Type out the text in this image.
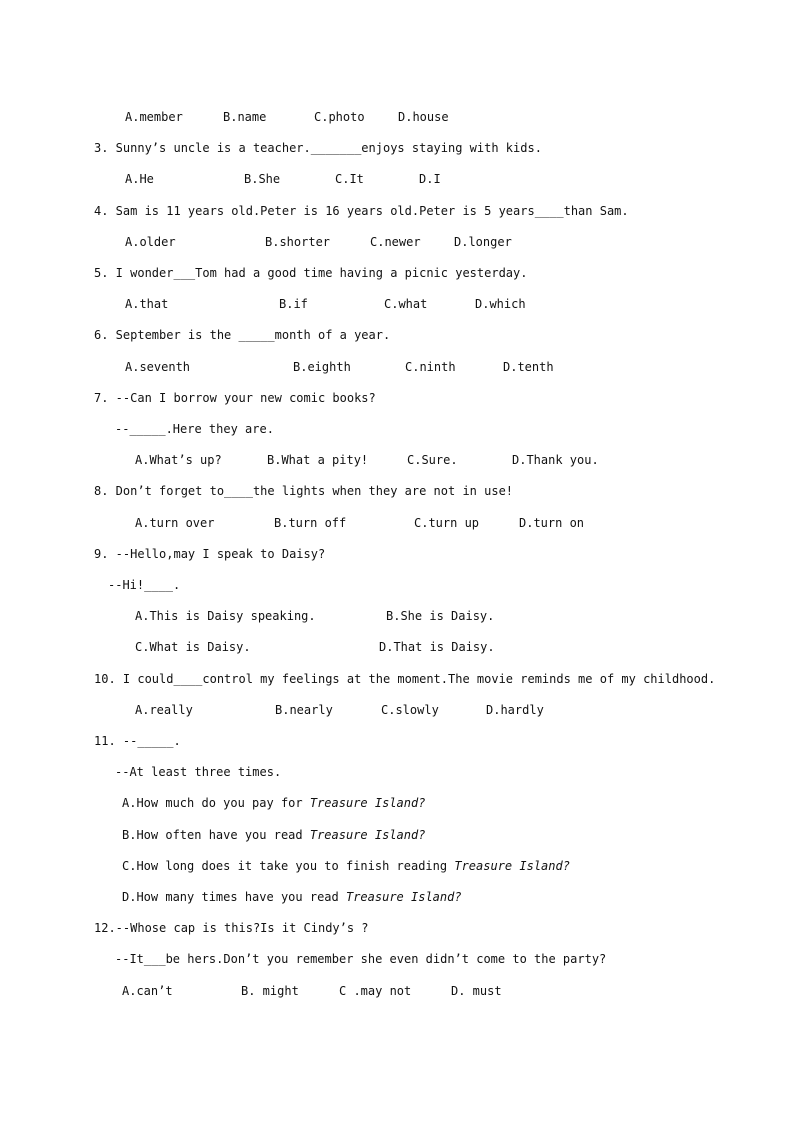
A.member	B.name	C.photo	D.house
3. Sunny’s uncle is a teacher._______enjoys staying with kids.
A.He	B.She	C.It	D.I
4. Sam is 11 years old.Peter is 16 years old.Peter is 5 years____than Sam.
A.older	B.shorter	C.newer	D.longer
5. I wonder___Tom had a good time having a picnic yesterday.
A.that	B.if	C.what	D.which
6. September is the _____month of a year.
A.seventh	B.eighth	C.ninth	D.tenth
7. --Can I borrow your new comic books?
--_____.Here they are.
A.What’s up?	B.What a pity!	C.Sure.	D.Thank you.
8. Don’t forget to____the lights when they are not in use!
A.turn over	B.turn off	C.turn up	D.turn on
9. --Hello,may I speak to Daisy?
--Hi!____.
A.This is Daisy speaking.	B.She is Daisy.
C.What is Daisy.	D.That is Daisy.
10. I could____control my feelings at the moment.The movie reminds me of my childhood.
A.really	B.nearly	C.slowly	D.hardly
11. --_____.
--At least three times.
A.How much do you pay for Treasure Island?
B.How often have you read Treasure Island?
C.How long does it take you to finish reading Treasure Island?
D.How many times have you read Treasure Island?
12.--Whose cap is this?Is it Cindy’s ?
--It___be hers.Don’t you remember she even didn’t come to the party?
A.can’t	B. might	C .may not	D. must
